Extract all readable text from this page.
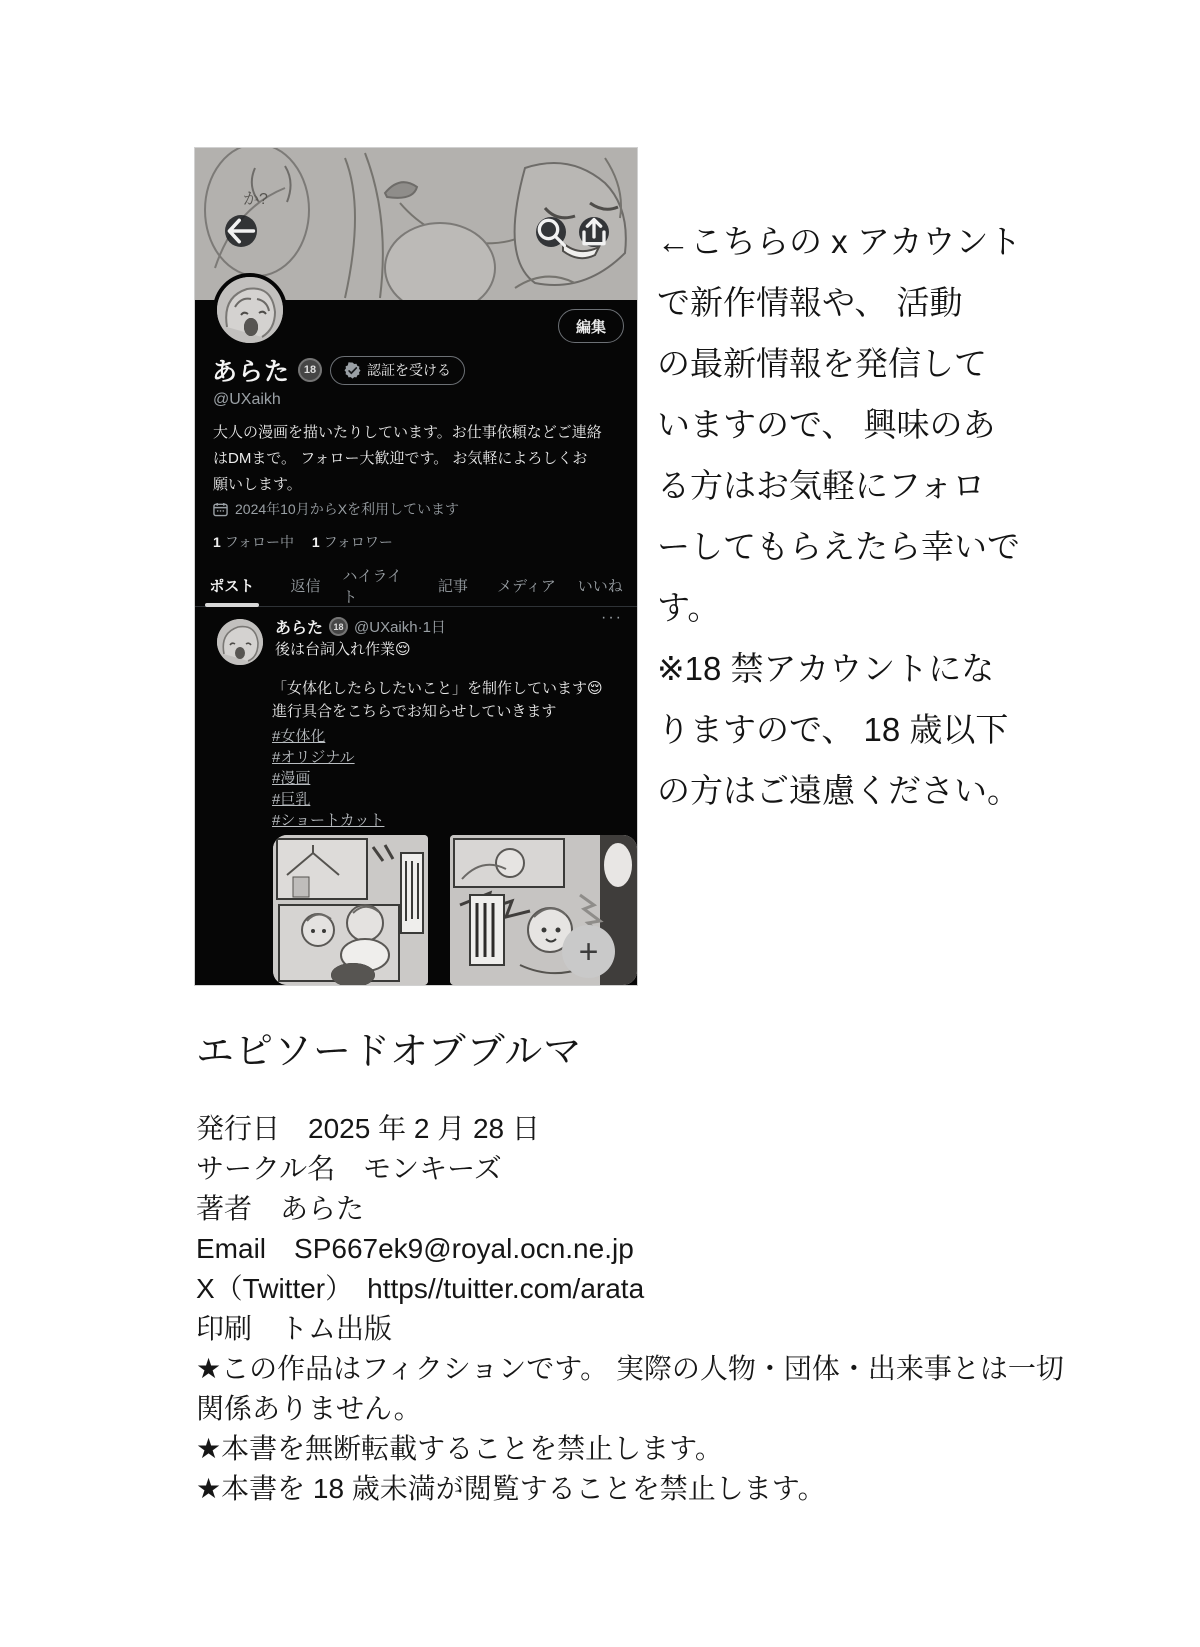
か?
編集
あらた	18	認証を受ける
@UXaikh
大人の漫画を描いたりしています。お仕事依頼などご連絡
はDMまで。 フォロー大歓迎です。 お気軽によろしくお
願いします。
2024年10月からXを利用しています
1 フォロー中 1 フォロワー
ポスト 返信
ハイライト
記事 メディア いいね
···
あらた	18 @UXaikh·1日
後は台詞入れ作業😌
「女体化したらしたいこと」を制作しています😌
進行具合をこちらでお知らせしていきます
#女体化
#オリジナル
#漫画
#巨乳
#ショートカット
+
←こちらの x アカウント
で新作情報や、 活動
の最新情報を発信して
いますので、 興味のあ
る方はお気軽にフォロ
ーしてもらえたら幸いで
す。
※18 禁アカウントにな
りますので、 18 歳以下
の方はご遠慮ください。
エピソードオブブルマ
発行日　2025 年 2 月 28 日
サークル名　モンキーズ
著者　あらた
Email　SP667ek9@royal.ocn.ne.jp
X（Twitter）　https//tuitter.com/arata
印刷　トム出版
★この作品はフィクションです。 実際の人物・団体・出来事とは一切
関係ありません。
★本書を無断転載することを禁止します。
★本書を 18 歳未満が閲覧することを禁止します。
